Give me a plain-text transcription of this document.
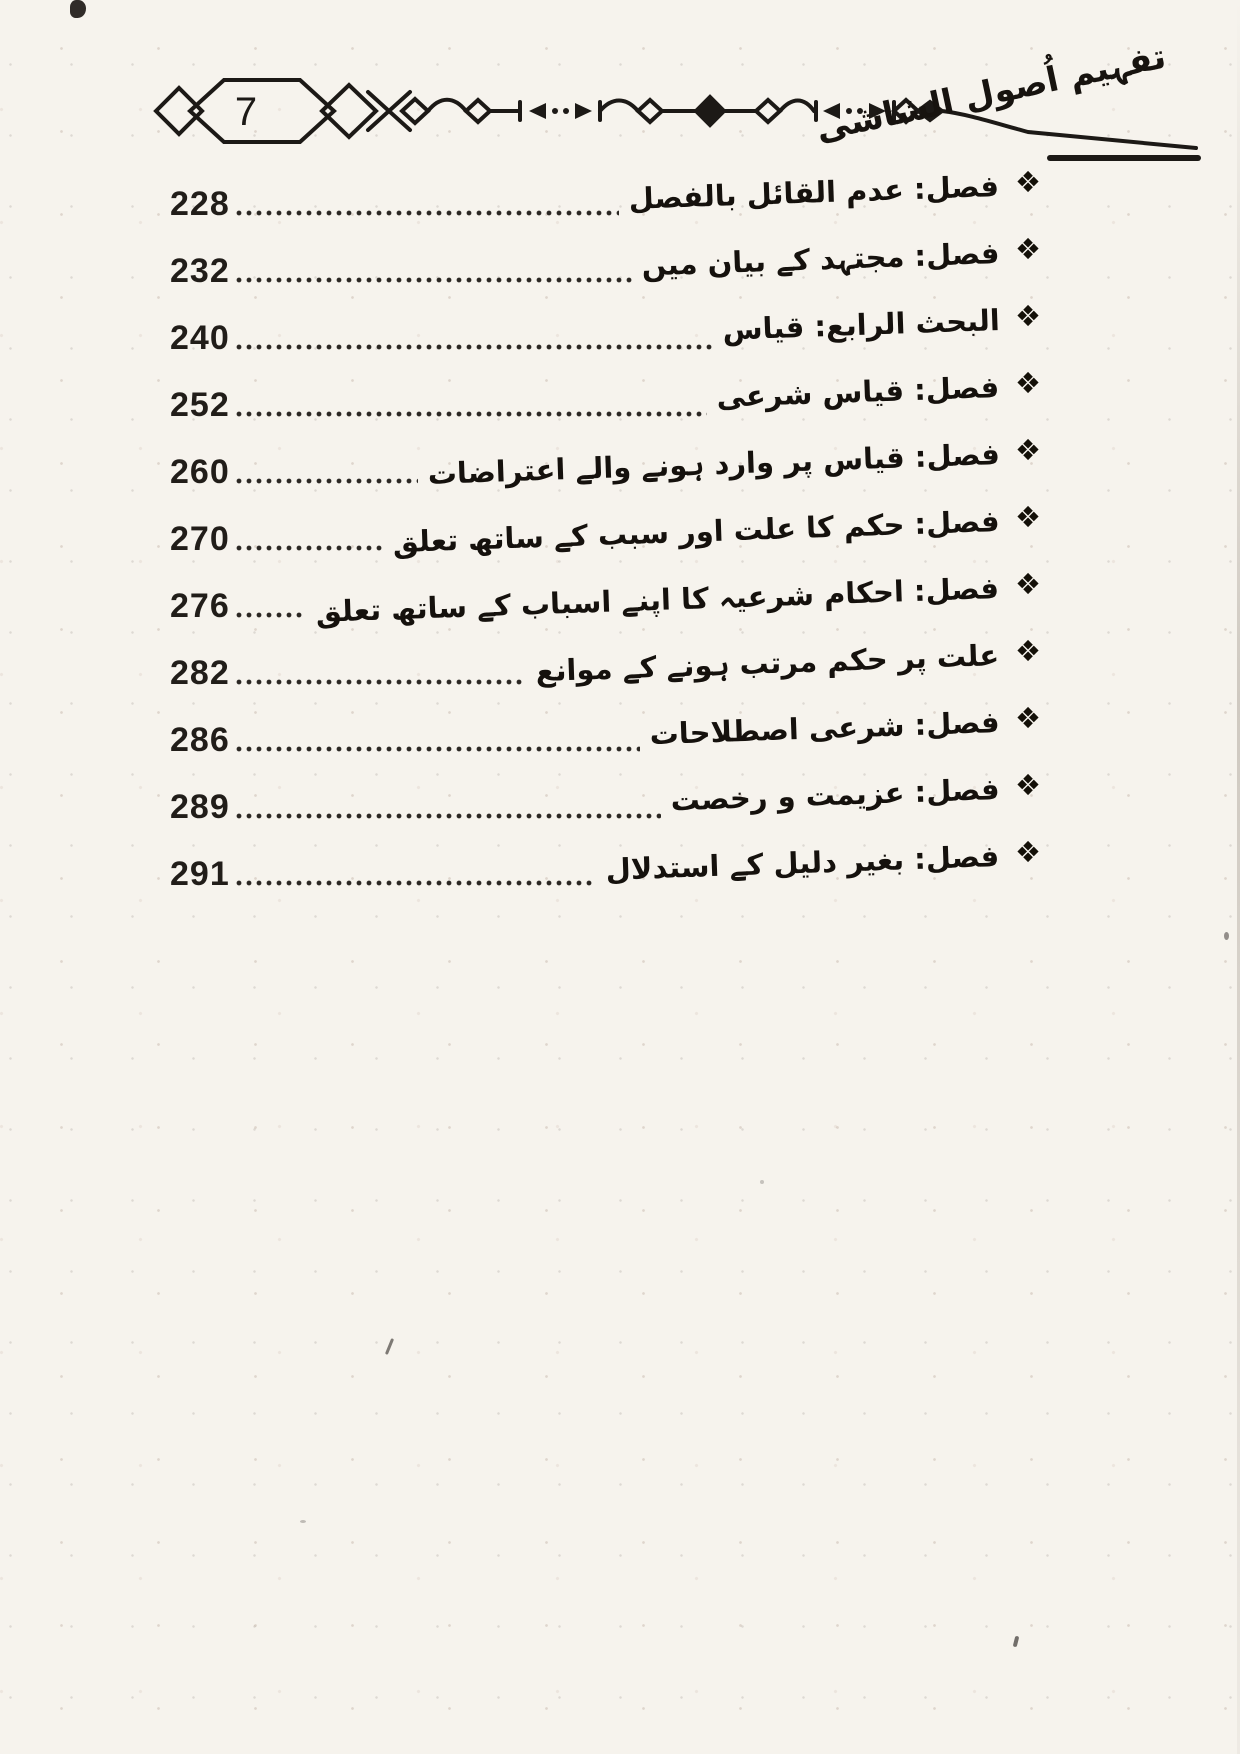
7	تفہیم اُصول الشاشی
228	فصل: عدم القائل بالفصل ❖
232	فصل: مجتہد کے بیان میں ❖
240	البحث الرابع: قیاس ❖
252	فصل: قیاس شرعی ❖
260	فصل: قیاس پر وارد ہونے والے اعتراضات ❖
270	فصل: حکم کا علت اور سبب کے ساتھ تعلق ❖
276	فصل: احکام شرعیہ کا اپنے اسباب کے ساتھ تعلق ❖
282	علت پر حکم مرتب ہونے کے موانع ❖
286	فصل: شرعی اصطلاحات ❖
289	فصل: عزیمت و رخصت ❖
291	فصل: بغیر دلیل کے استدلال ❖
